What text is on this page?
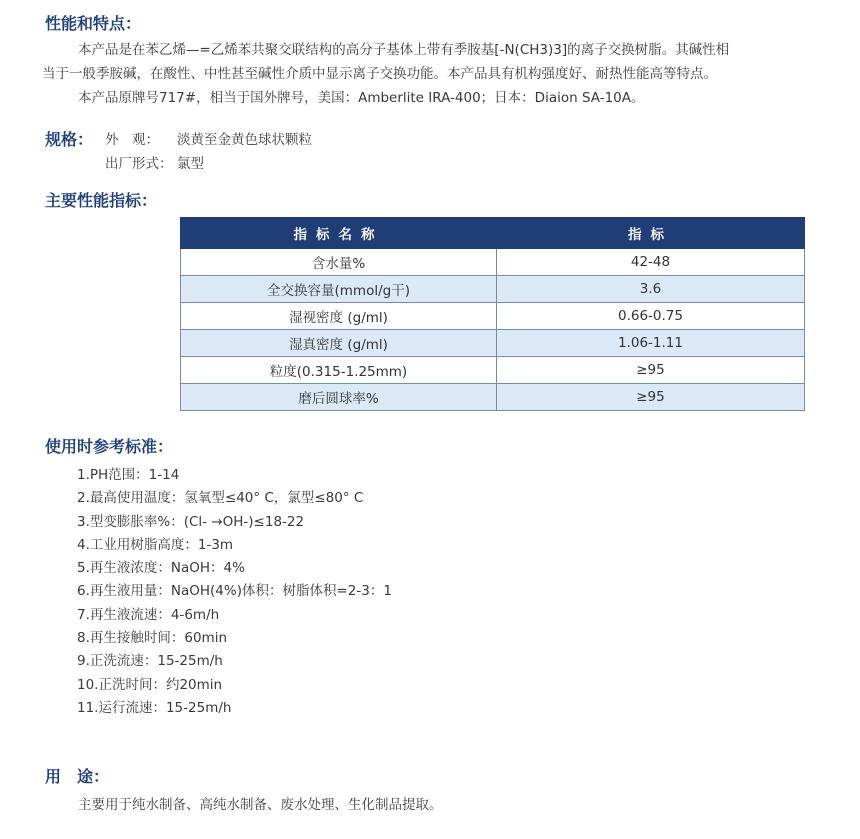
性能和特点：

本产品是在苯乙烯—=乙烯苯共聚交联结构的高分子基体上带有季胺基[-N(CH3)3]的离子交换树脂。其碱性相

当于一般季胺碱，在酸性、中性甚至碱性介质中显示离子交换功能。本产品具有机构强度好、耐热性能高等特点。

本产品原牌号717#，相当于国外牌号，美国：Amberlite IRA-400；日本：Diaion SA-10A。

规格： 外　观： 淡黄至金黄色球状颗粒
出厂形式： 氯型
主要性能指标：
指标名称	指标
含水量%	42-48
全交换容量(mmol/g干)	3.6
湿视密度 (g/ml)	0.66-0.75
湿真密度 (g/ml)	1.06-1.11
粒度(0.315-1.25mm)	≥95
磨后圆球率%	≥95
使用时参考标准：
1.PH范围：1-14
2.最高使用温度：氢氧型≤40° C，氯型≤80° C
3.型变膨胀率%：(Cl- →OH-)≤18-22
4.工业用树脂高度：1-3m
5.再生液浓度：NaOH：4%
6.再生液用量：NaOH(4%)体积：树脂体积=2-3：1
7.再生液流速：4-6m/h
8.再生接触时间：60min
9.正洗流速：15-25m/h
10.正洗时间：约20min
11.运行流速：15-25m/h
用　途：
主要用于纯水制备、高纯水制备、废水处理、生化制品提取。
